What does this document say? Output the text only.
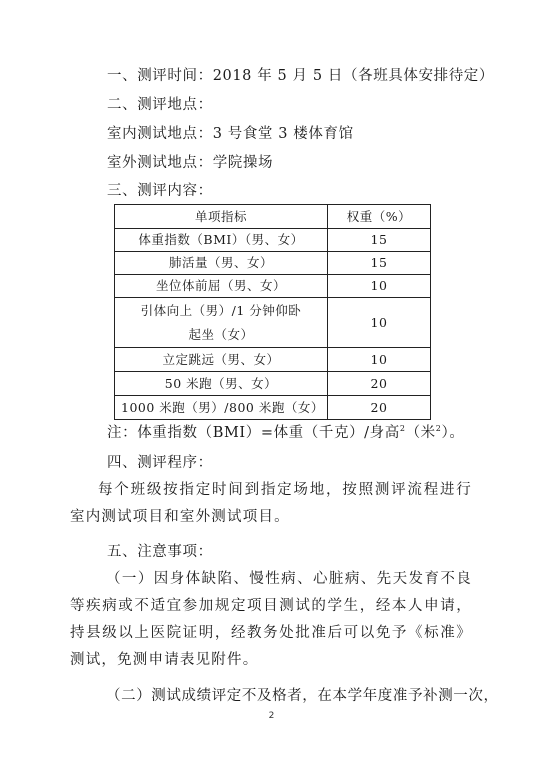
一、测评时间：2018 年 5 月 5 日（各班具体安排待定）
二、测评地点：
室内测试地点：3 号食堂 3 楼体育馆
室外测试地点：学院操场
三、测评内容：
单项指标	权重（%）
体重指数（BMI）（男、女）	15
肺活量（男、女）	15
坐位体前屈（男、女）	10
引体向上（男）/1 分钟仰卧起坐（女）	10
立定跳远（男、女）	10
50 米跑（男、女）	20
1000 米跑（男）/800 米跑（女）	20
注：体重指数（BMI）=体重（千克）/身高$^2$（米$^2$）。
四、测评程序：
每个班级按指定时间到指定场地，按照测评流程进行室内测试项目和室外测试项目。
五、注意事项：
（一）因身体缺陷、慢性病、心脏病、先天发育不良等疾病或不适宜参加规定项目测试的学生，经本人申请，持县级以上医院证明，经教务处批准后可以免予《标准》测试，免测申请表见附件。
（二）测试成绩评定不及格者，在本学年度准予补测一次，
2
